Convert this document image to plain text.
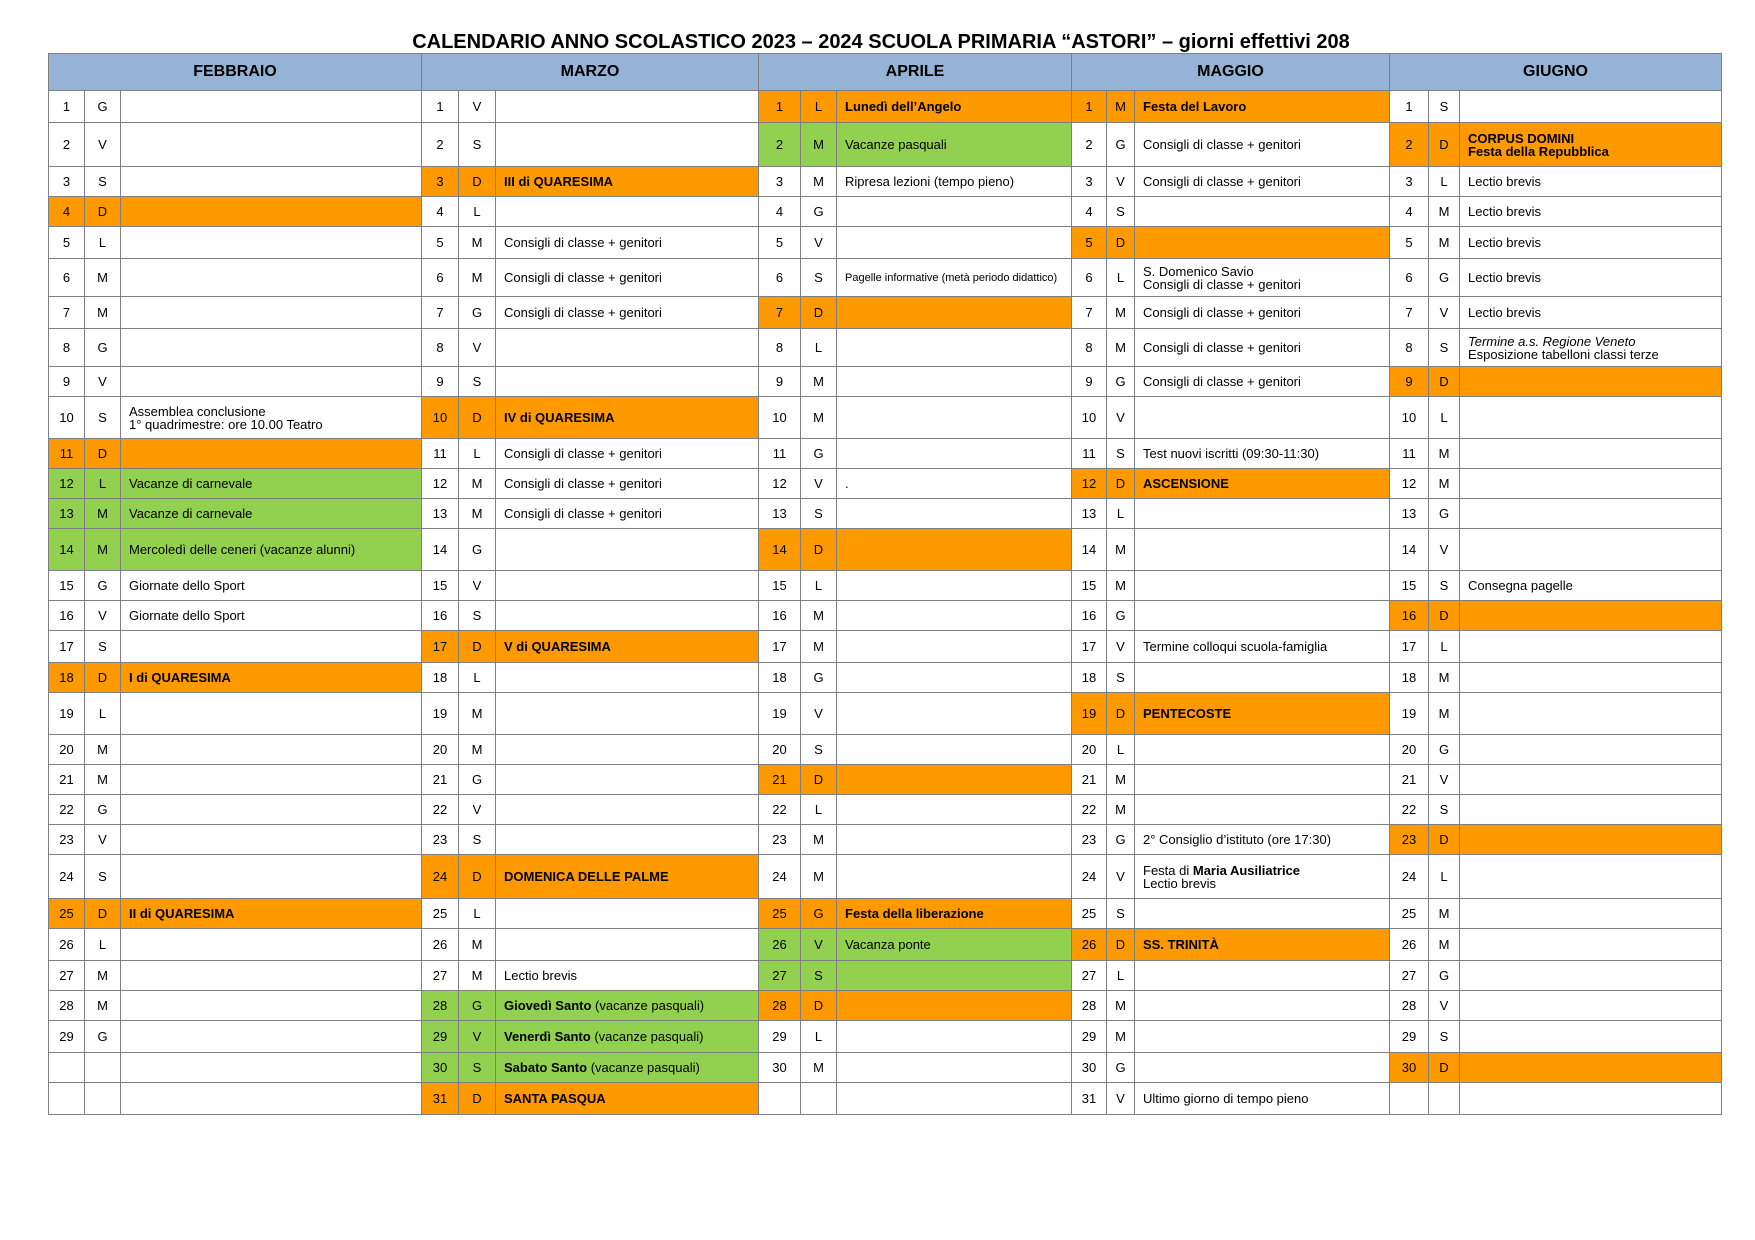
CALENDARIO ANNO SCOLASTICO 2023 – 2024 SCUOLA PRIMARIA “ASTORI” – giorni effettivi 208
FEBBRAIO			MARZO			APRILE			MAGGIO			GIUGNO		
1	G		1	V		1	L	Lunedì dell’Angelo	1	M	Festa del Lavoro	1	S	
2	V		2	S		2	M	Vacanze pasquali	2	G	Consigli di classe + genitori	2	D	CORPUS DOMINI
Festa della Repubblica
3	S		3	D	III di QUARESIMA	3	M	Ripresa lezioni (tempo pieno)	3	V	Consigli di classe + genitori	3	L	Lectio brevis
4	D		4	L		4	G		4	S		4	M	Lectio brevis
5	L		5	M	Consigli di classe + genitori	5	V		5	D		5	M	Lectio brevis
6	M		6	M	Consigli di classe + genitori	6	S	Pagelle informative (metà periodo didattico)	6	L	S. Domenico Savio
Consigli di classe + genitori	6	G	Lectio brevis
7	M		7	G	Consigli di classe + genitori	7	D		7	M	Consigli di classe + genitori	7	V	Lectio brevis
8	G		8	V		8	L		8	M	Consigli di classe + genitori	8	S	Termine a.s. Regione Veneto
Esposizione tabelloni classi terze
9	V		9	S		9	M		9	G	Consigli di classe + genitori	9	D	
10	S	Assemblea conclusione
1° quadrimestre: ore 10.00 Teatro	10	D	IV di QUARESIMA	10	M		10	V		10	L	
11	D		11	L	Consigli di classe + genitori	11	G		11	S	Test nuovi iscritti (09:30-11:30)	11	M	
12	L	Vacanze di carnevale	12	M	Consigli di classe + genitori	12	V	.	12	D	ASCENSIONE	12	M	
13	M	Vacanze di carnevale	13	M	Consigli di classe + genitori	13	S		13	L		13	G	
14	M	Mercoledì delle ceneri (vacanze alunni)	14	G		14	D		14	M		14	V	
15	G	Giornate dello Sport	15	V		15	L		15	M		15	S	Consegna pagelle
16	V	Giornate dello Sport	16	S		16	M		16	G		16	D	
17	S		17	D	V di QUARESIMA	17	M		17	V	Termine colloqui scuola-famiglia	17	L	
18	D	I di QUARESIMA	18	L		18	G		18	S		18	M	
19	L		19	M		19	V		19	D	PENTECOSTE	19	M	
20	M		20	M		20	S		20	L		20	G	
21	M		21	G		21	D		21	M		21	V	
22	G		22	V		22	L		22	M		22	S	
23	V		23	S		23	M		23	G	2° Consiglio d’istituto (ore 17:30)	23	D	
24	S		24	D	DOMENICA DELLE PALME	24	M		24	V	Festa di Maria Ausiliatrice
Lectio brevis	24	L	
25	D	II di QUARESIMA	25	L		25	G	Festa della liberazione	25	S		25	M	
26	L		26	M		26	V	Vacanza ponte	26	D	SS. TRINITÀ	26	M	
27	M		27	M	Lectio brevis	27	S		27	L		27	G	
28	M		28	G	Giovedì Santo (vacanze pasquali)	28	D		28	M		28	V	
29	G		29	V	Venerdì Santo (vacanze pasquali)	29	L		29	M		29	S	
			30	S	Sabato Santo (vacanze pasquali)	30	M		30	G		30	D	
			31	D	SANTA PASQUA				31	V	Ultimo giorno di tempo pieno			
